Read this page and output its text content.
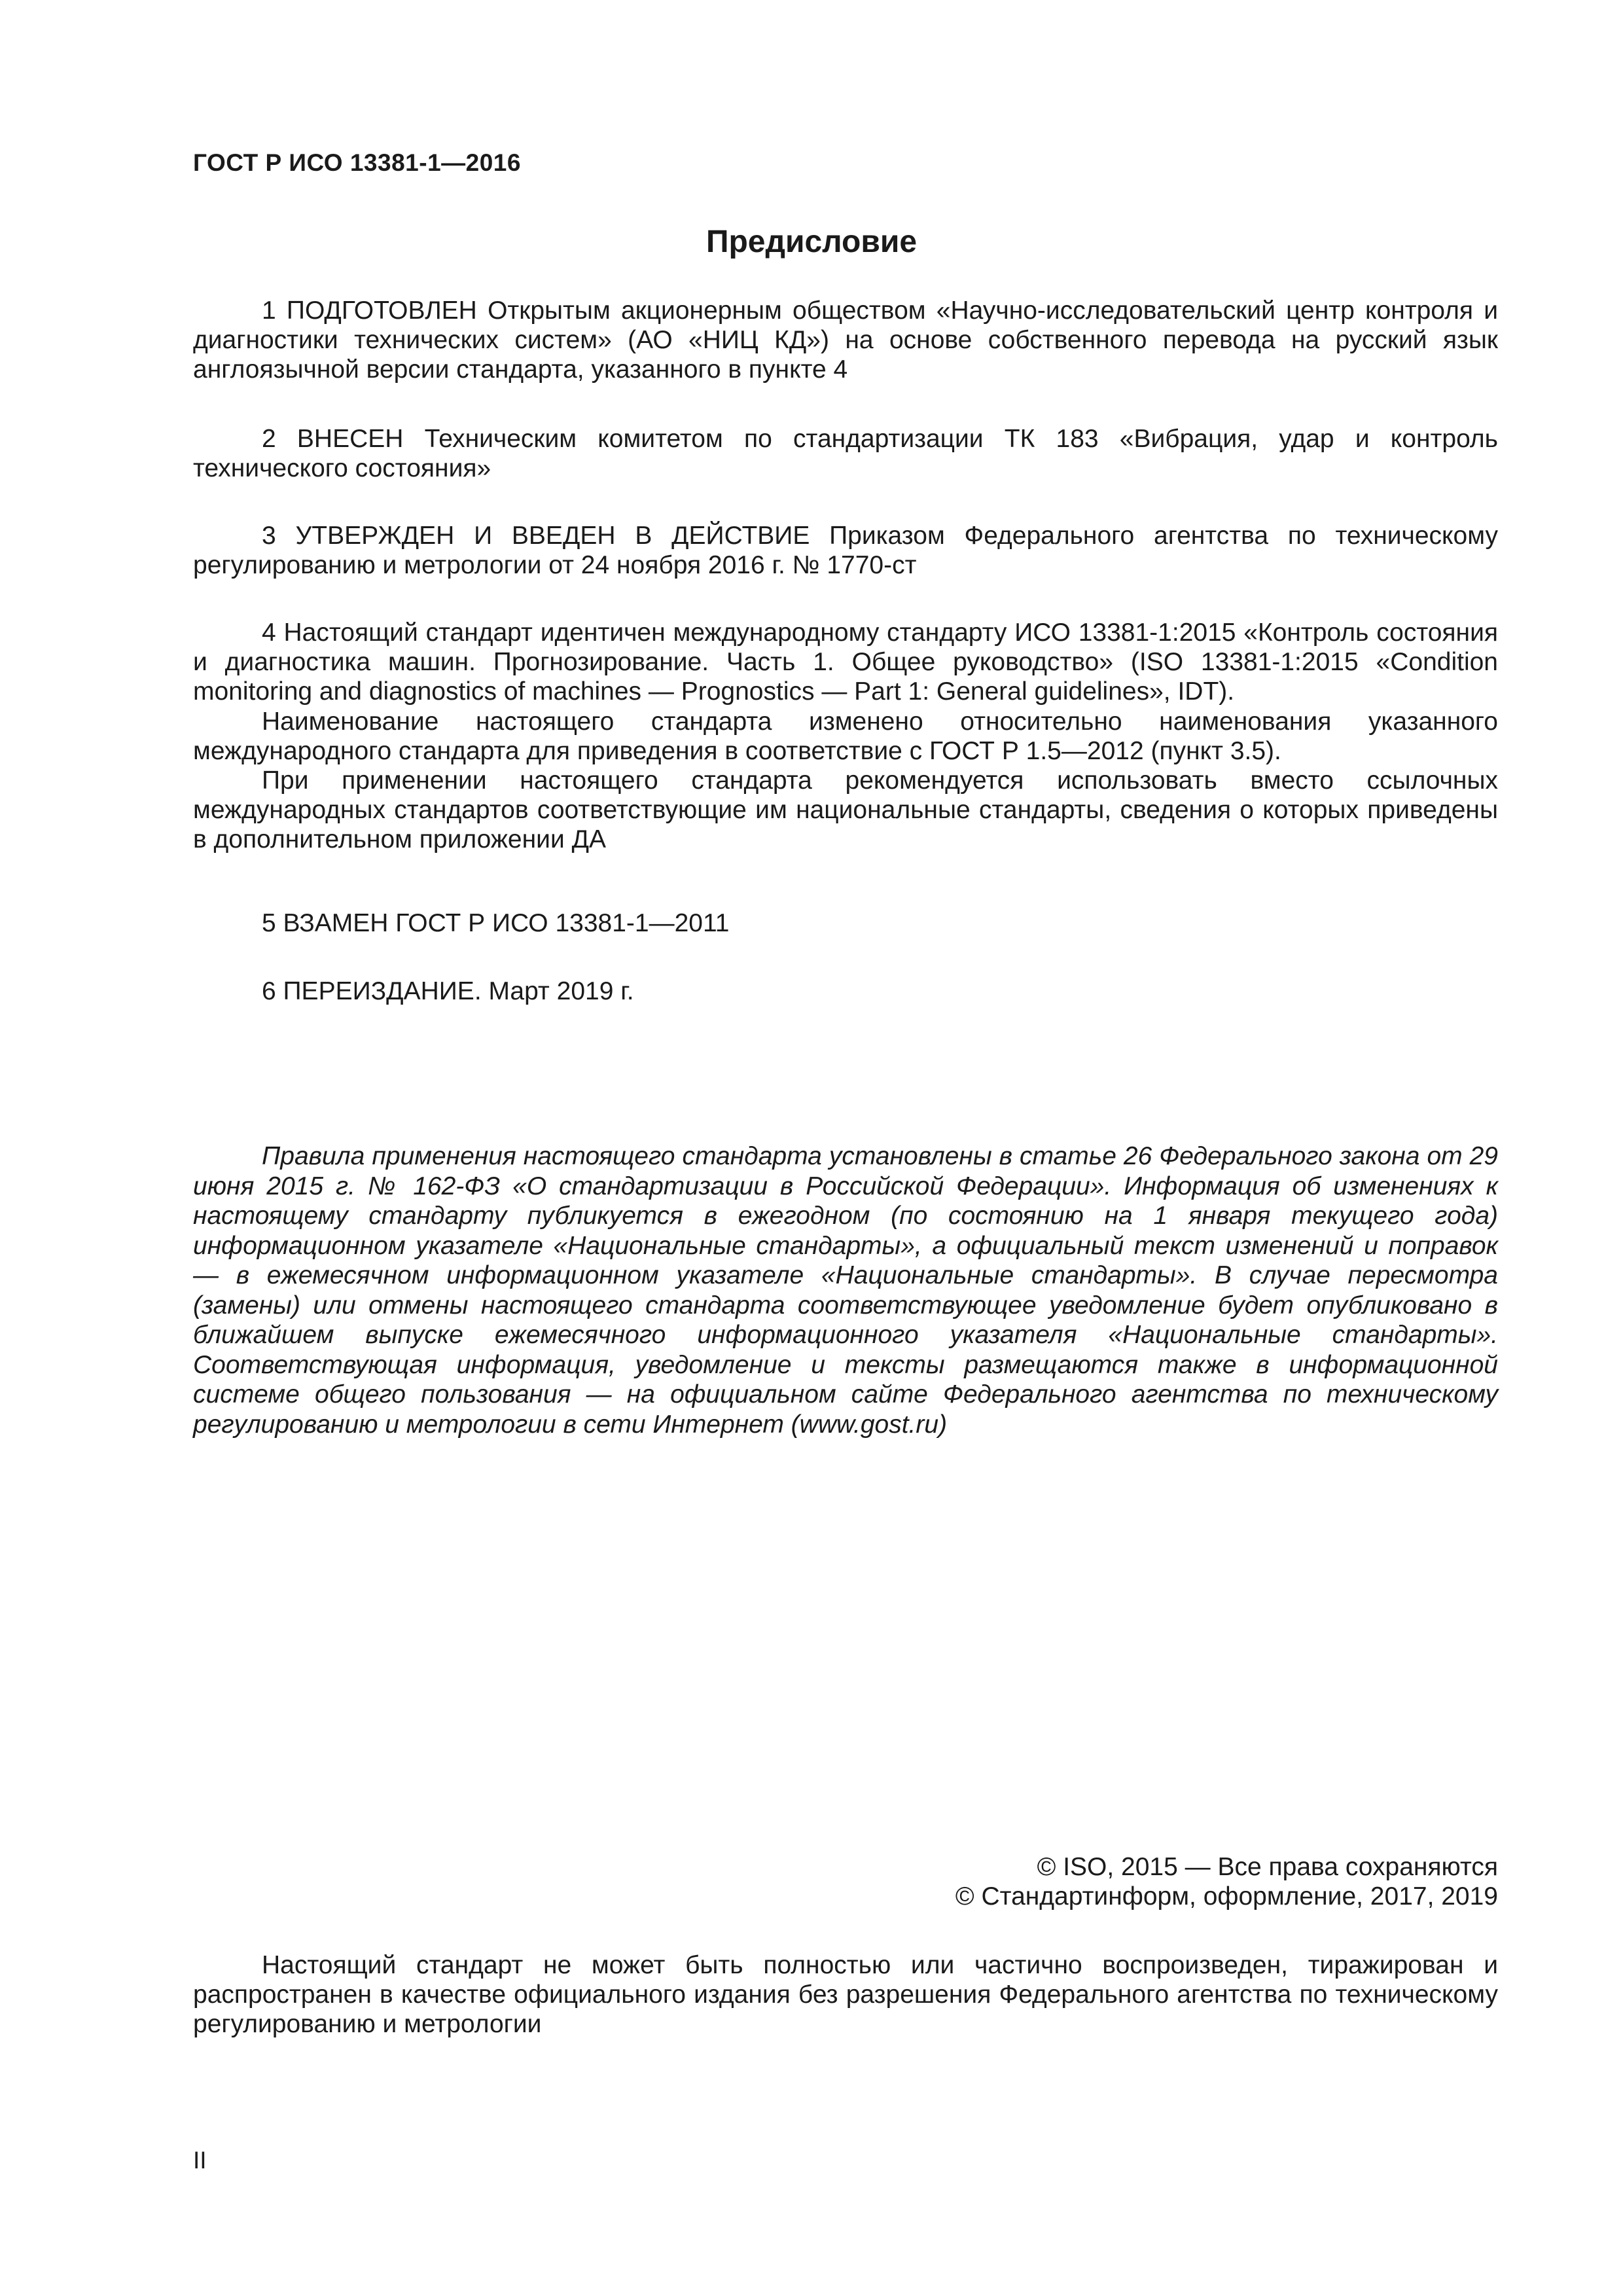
ГОСТ Р ИСО 13381-1—2016
Предисловие

1 ПОДГОТОВЛЕН Открытым акционерным обществом «Научно-исследовательский центр контроля и диагностики технических систем» (АО «НИЦ КД») на основе собственного перевода на русский язык англоязычной версии стандарта, указанного в пункте 4

2 ВНЕСЕН Техническим комитетом по стандартизации ТК 183 «Вибрация, удар и контроль технического состояния»

3 УТВЕРЖДЕН И ВВЕДЕН В ДЕЙСТВИЕ Приказом Федерального агентства по техническому регулированию и метрологии от 24 ноября 2016 г. № 1770-ст

4 Настоящий стандарт идентичен международному стандарту ИСО 13381-1:2015 «Контроль состояния и диагностика машин. Прогнозирование. Часть 1. Общее руководство» (ISO 13381-1:2015 «Condition monitoring and diagnostics of machines — Prognostics — Part 1: General guidelines», IDT).

Наименование настоящего стандарта изменено относительно наименования указанного международного стандарта для приведения в соответствие с ГОСТ Р 1.5—2012 (пункт 3.5).

При применении настоящего стандарта рекомендуется использовать вместо ссылочных международных стандартов соответствующие им национальные стандарты, сведения о которых приведены в дополнительном приложении ДА

5 ВЗАМЕН ГОСТ Р ИСО 13381-1—2011

6 ПЕРЕИЗДАНИЕ. Март 2019 г.

Правила применения настоящего стандарта установлены в статье 26 Федерального закона от 29 июня 2015 г. № 162-ФЗ «О стандартизации в Российской Федерации». Информация об изменениях к настоящему стандарту публикуется в ежегодном (по состоянию на 1 января текущего года) информационном указателе «Национальные стандарты», а официальный текст изменений и поправок — в ежемесячном информационном указателе «Национальные стандарты». В случае пересмотра (замены) или отмены настоящего стандарта соответствующее уведомление будет опубликовано в ближайшем выпуске ежемесячного информационного указателя «Национальные стандарты». Соответствующая информация, уведомление и тексты размещаются также в информационной системе общего пользования — на официальном сайте Федерального агентства по техническому регулированию и метрологии в сети Интернет (www.gost.ru)

© ISO, 2015 — Все права сохраняются
© Стандартинформ, оформление, 2017, 2019

Настоящий стандарт не может быть полностью или частично воспроизведен, тиражирован и распространен в качестве официального издания без разрешения Федерального агентства по техническому регулированию и метрологии

II
